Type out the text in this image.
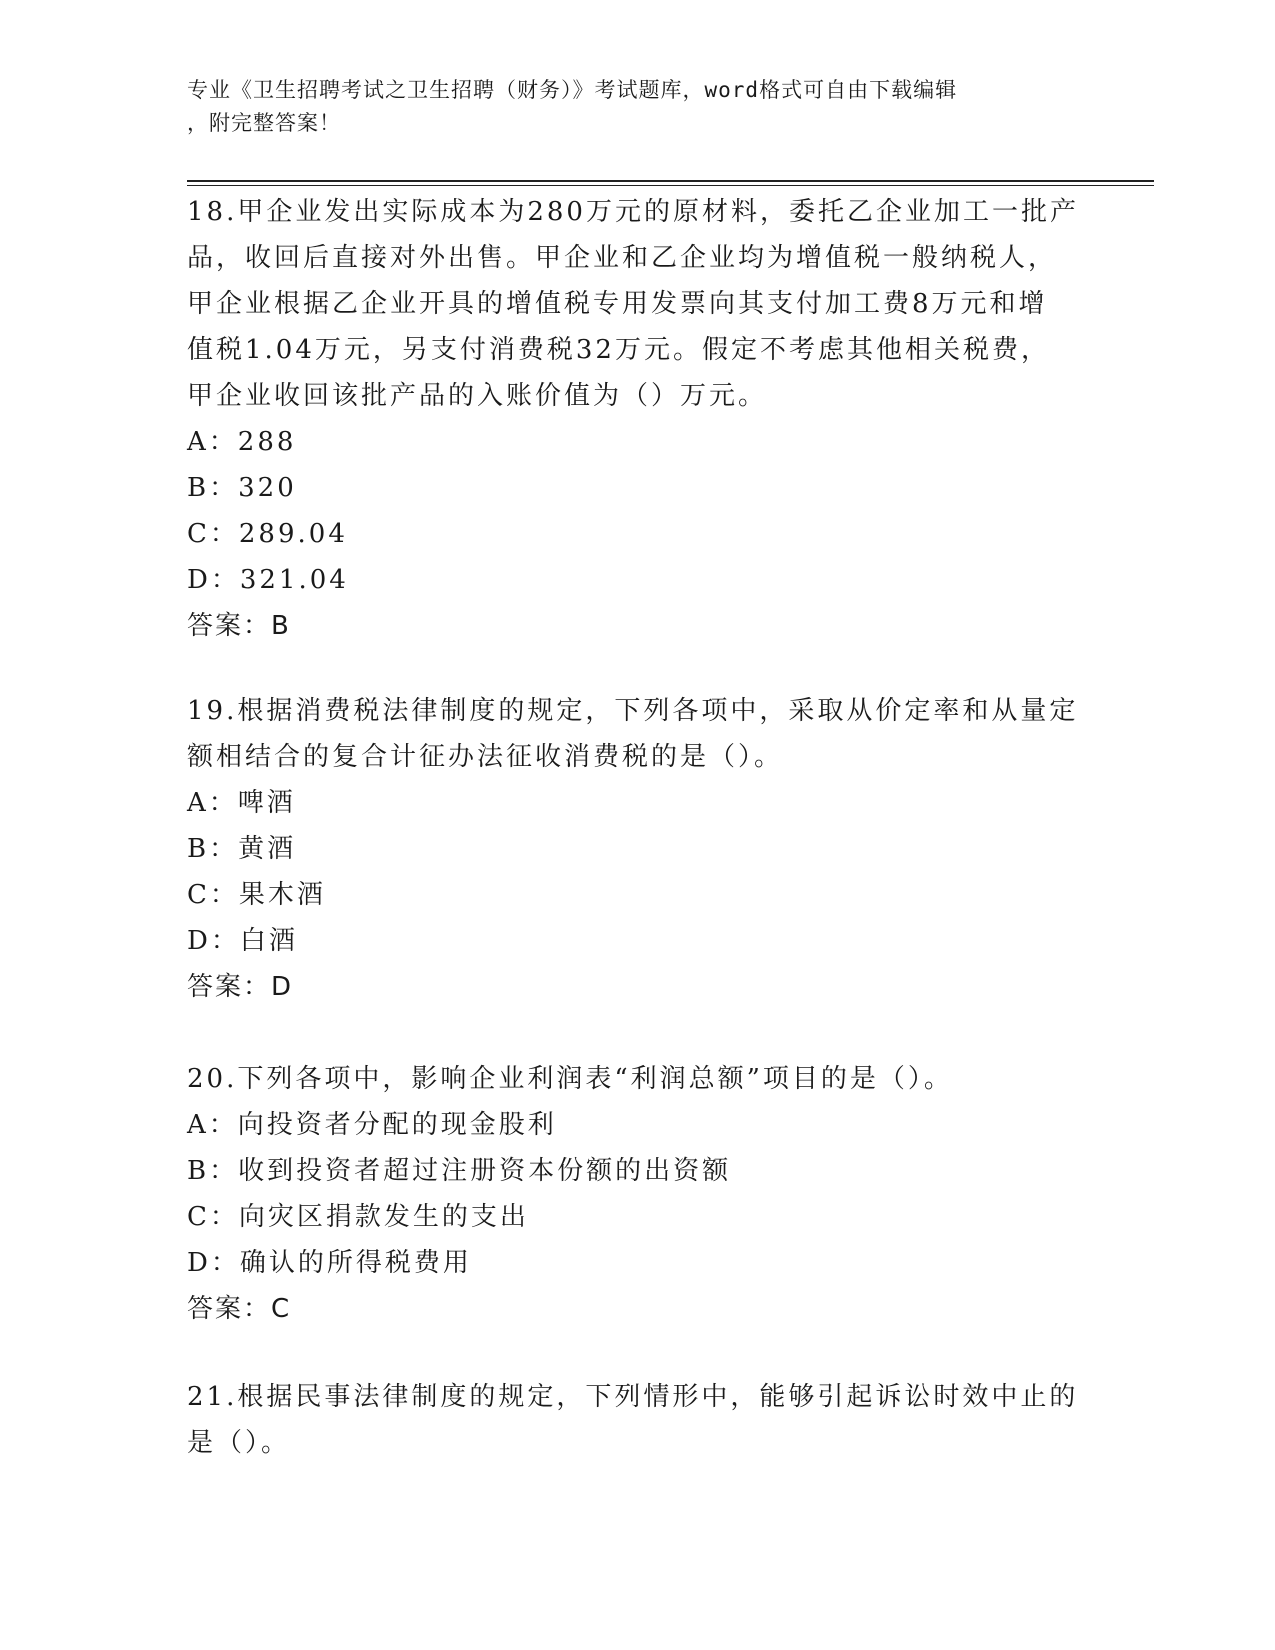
专业《卫生招聘考试之卫生招聘（财务）》考试题库，word格式可自由下载编辑
，附完整答案！
18.甲企业发出实际成本为280万元的原材料，委托乙企业加工一批产
品，收回后直接对外出售。甲企业和乙企业均为增值税一般纳税人，
甲企业根据乙企业开具的增值税专用发票向其支付加工费8万元和增
值税1.04万元，另支付消费税32万元。假定不考虑其他相关税费，
甲企业收回该批产品的入账价值为（）万元。
A：288
B：320
C：289.04
D：321.04
答案：B
19.根据消费税法律制度的规定，下列各项中，采取从价定率和从量定
额相结合的复合计征办法征收消费税的是（）。
A：啤酒
B：黄酒
C：果木酒
D：白酒
答案：D
20.下列各项中，影响企业利润表“利润总额”项目的是（）。
A：向投资者分配的现金股利
B：收到投资者超过注册资本份额的出资额
C：向灾区捐款发生的支出
D：确认的所得税费用
答案：C
21.根据民事法律制度的规定，下列情形中，能够引起诉讼时效中止的
是（）。
